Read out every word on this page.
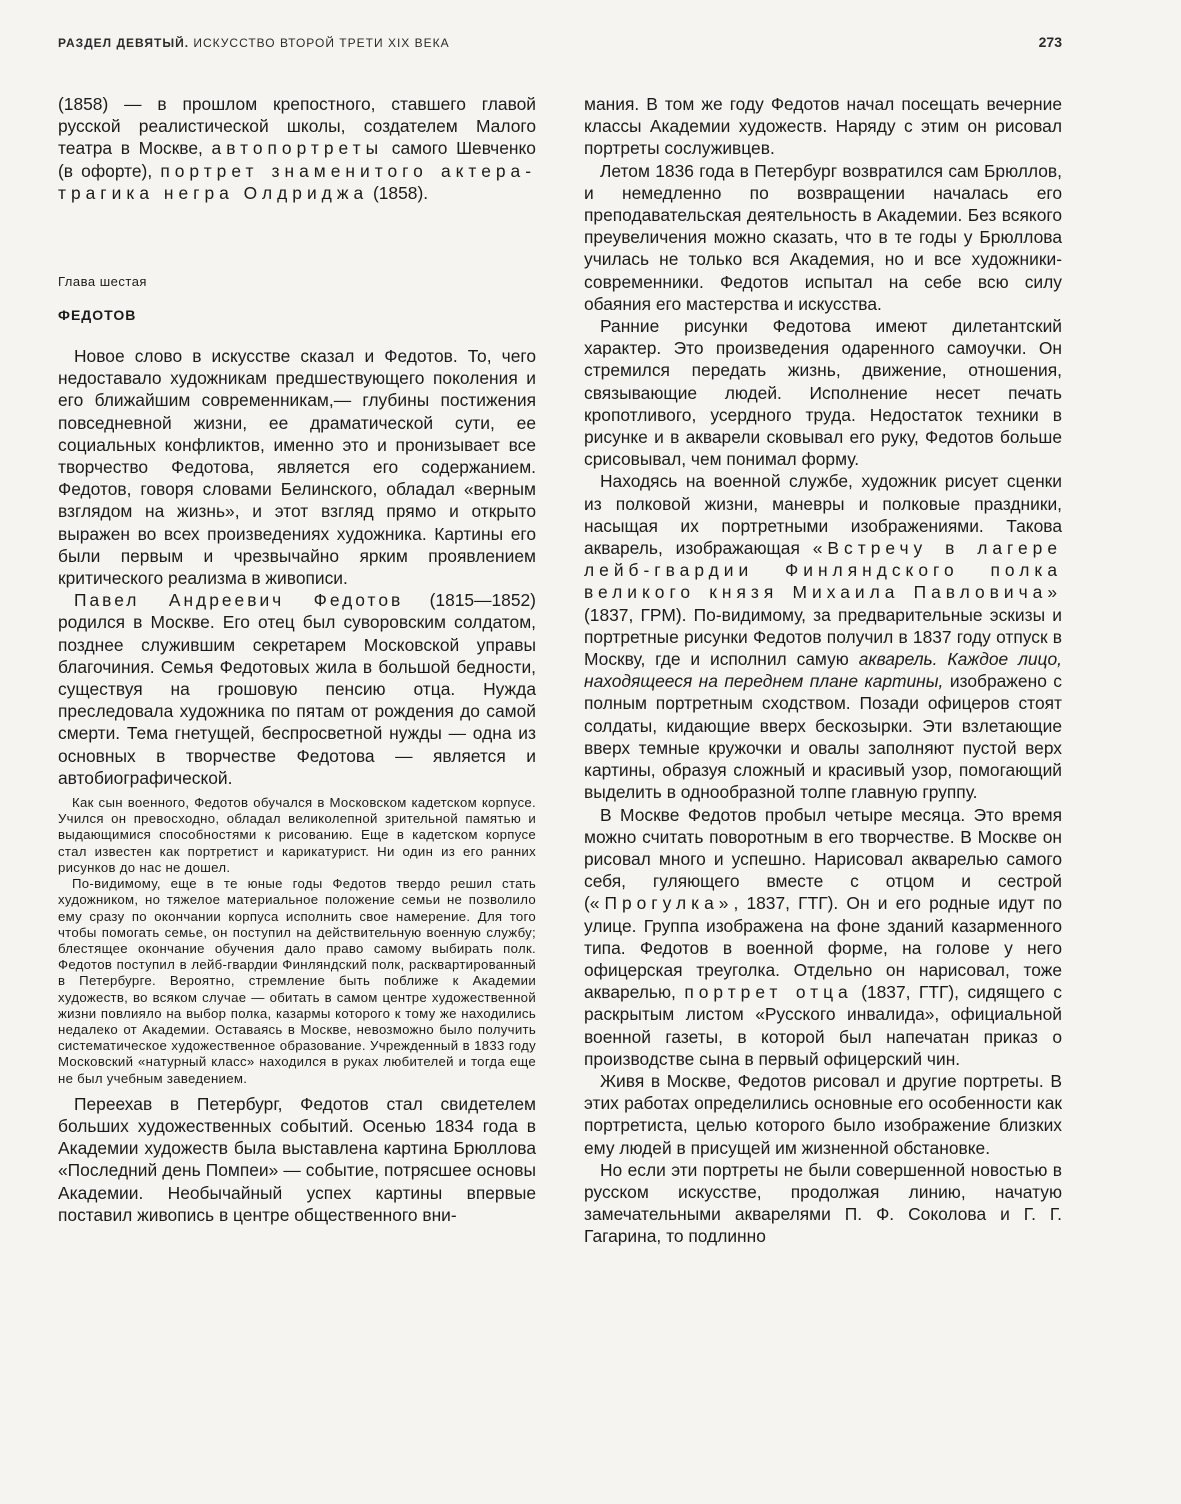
РАЗДЕЛ ДЕВЯТЫЙ. ИСКУССТВО ВТОРОЙ ТРЕТИ XIX ВЕКА	273

(1858) — в прошлом крепостного, ставшего главой русской реалистической школы, создателем Малого театра в Москве, автопортреты самого Шевченко (в офорте), портрет знаменитого актера-трагика негра Олдриджа (1858).

Глава шестая
ФЕДОТОВ

Новое слово в искусстве сказал и Федотов. То, чего недоставало художникам предшествующего поколения и его ближайшим современникам,— глубины постижения повседневной жизни, ее драматической сути, ее социальных конфликтов, именно это и пронизывает все творчество Федотова, является его содержанием. Федотов, говоря словами Белинского, обладал «верным взглядом на жизнь», и этот взгляд прямо и открыто выражен во всех произведениях художника. Картины его были первым и чрезвычайно ярким проявлением критического реализма в живописи.

Павел Андреевич Федотов (1815—1852) родился в Москве. Его отец был суворовским солдатом, позднее служившим секретарем Московской управы благочиния. Семья Федотовых жила в большой бедности, существуя на грошовую пенсию отца. Нужда преследовала художника по пятам от рождения до самой смерти. Тема гнетущей, беспросветной нужды — одна из основных в творчестве Федотова — является и автобиографической.

Как сын военного, Федотов обучался в Московском кадетском корпусе. Учился он превосходно, обладал великолепной зрительной памятью и выдающимися способностями к рисованию. Еще в кадетском корпусе стал известен как портретист и карикатурист. Ни один из его ранних рисунков до нас не дошел.

По-видимому, еще в те юные годы Федотов твердо решил стать художником, но тяжелое материальное положение семьи не позволило ему сразу по окончании корпуса исполнить свое намерение. Для того чтобы помогать семье, он поступил на действительную военную службу; блестящее окончание обучения дало право самому выбирать полк. Федотов поступил в лейб-гвардии Финляндский полк, расквартированный в Петербурге. Вероятно, стремление быть поближе к Академии художеств, во всяком случае — обитать в самом центре художественной жизни повлияло на выбор полка, казармы которого к тому же находились недалеко от Академии. Оставаясь в Москве, невозможно было получить систематическое художественное образование. Учрежденный в 1833 году Московский «натурный класс» находился в руках любителей и тогда еще не был учебным заведением.

Переехав в Петербург, Федотов стал свидетелем больших художественных событий. Осенью 1834 года в Академии художеств была выставлена картина Брюллова «Последний день Помпеи» — событие, потрясшее основы Академии. Необычайный успех картины впервые поставил живопись в центре общественного вни-

мания. В том же году Федотов начал посещать вечерние классы Академии художеств. Наряду с этим он рисовал портреты сослуживцев.

Летом 1836 года в Петербург возвратился сам Брюллов, и немедленно по возвращении началась его преподавательская деятельность в Академии. Без всякого преувеличения можно сказать, что в те годы у Брюллова училась не только вся Академия, но и все художники-современники. Федотов испытал на себе всю силу обаяния его мастерства и искусства.

Ранние рисунки Федотова имеют дилетантский характер. Это произведения одаренного самоучки. Он стремился передать жизнь, движение, отношения, связывающие людей. Исполнение несет печать кропотливого, усердного труда. Недостаток техники в рисунке и в акварели сковывал его руку, Федотов больше срисовывал, чем понимал форму.

Находясь на военной службе, художник рисует сценки из полковой жизни, маневры и полковые праздники, насыщая их портретными изображениями. Такова акварель, изображающая «Встречу в лагере лейб-гвардии Финляндского полка великого князя Михаила Павловича» (1837, ГРМ). По-видимому, за предварительные эскизы и портретные рисунки Федотов получил в 1837 году отпуск в Москву, где и исполнил самую акварель. Каждое лицо, находящееся на переднем плане картины, изображено с полным портретным сходством. Позади офицеров стоят солдаты, кидающие вверх бескозырки. Эти взлетающие вверх темные кружочки и овалы заполняют пустой верх картины, образуя сложный и красивый узор, помогающий выделить в однообразной толпе главную группу.

В Москве Федотов пробыл четыре месяца. Это время можно считать поворотным в его творчестве. В Москве он рисовал много и успешно. Нарисовал акварелью самого себя, гуляющего вместе с отцом и сестрой («Прогулка», 1837, ГТГ). Он и его родные идут по улице. Группа изображена на фоне зданий казарменного типа. Федотов в военной форме, на голове у него офицерская треуголка. Отдельно он нарисовал, тоже акварелью, портрет отца (1837, ГТГ), сидящего с раскрытым листом «Русского инвалида», официальной военной газеты, в которой был напечатан приказ о производстве сына в первый офицерский чин.

Живя в Москве, Федотов рисовал и другие портреты. В этих работах определились основные его особенности как портретиста, целью которого было изображение близких ему людей в присущей им жизненной обстановке.

Но если эти портреты не были совершенной новостью в русском искусстве, продолжая линию, начатую замечательными акварелями П. Ф. Соколова и Г. Г. Гагарина, то подлинно
